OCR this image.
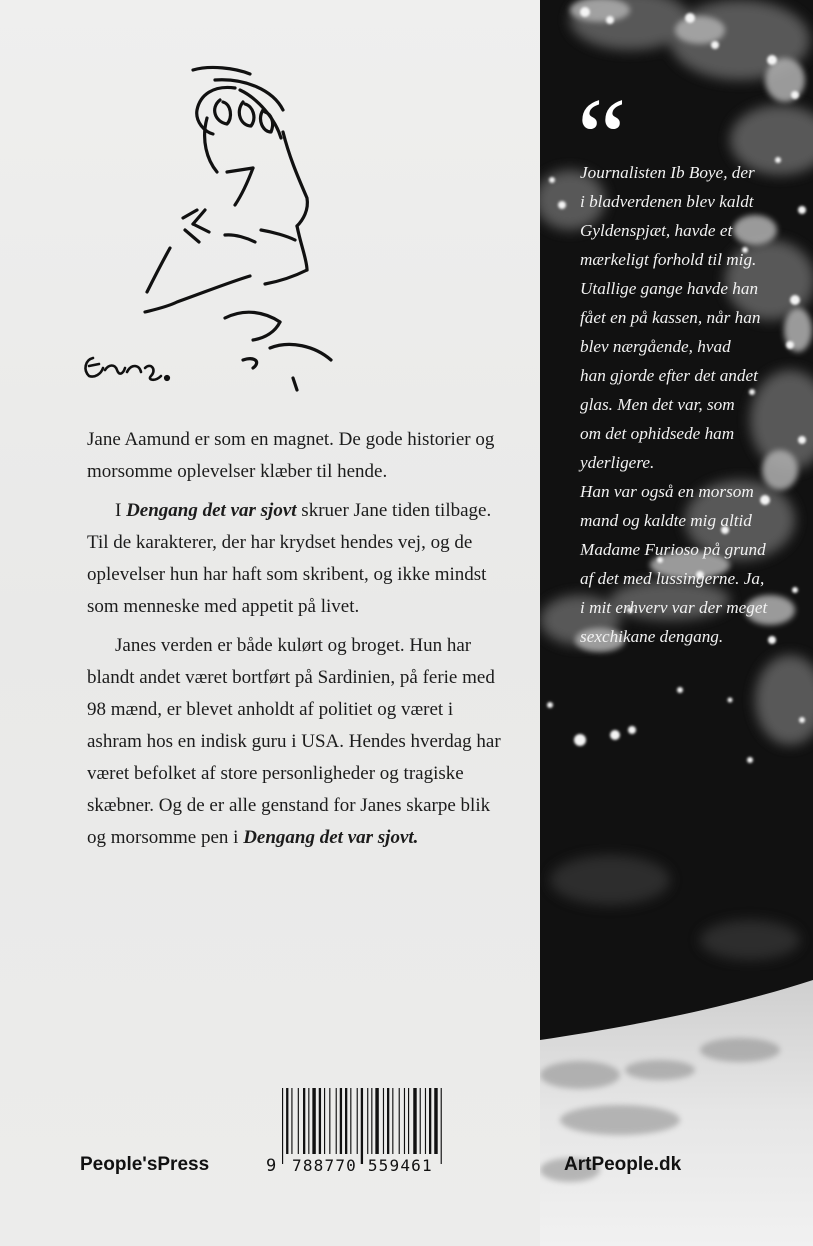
Jane Aamund er som en magnet. De gode historier og morsomme oplevelser klæber til hende.

I Dengang det var sjovt skruer Jane tiden tilbage. Til de karakterer, der har krydset hendes vej, og de oplevelser hun har haft som skribent, og ikke mindst som menneske med appetit på livet.

Janes verden er både kulørt og broget. Hun har blandt andet været bortført på Sardinien, på ferie med 98 mænd, er blevet anholdt af politiet og været i ashram hos en indisk guru i USA. Hendes hverdag har været befolket af store personligheder og tragiske skæbner. Og de er alle genstand for Janes skarpe blik og morsomme pen i Dengang det var sjovt.

“
Journalisten Ib Boye, der
i bladverdenen blev kaldt
Gyldenspjæt, havde et
mærkeligt forhold til mig.
Utallige gange havde han
fået en på kassen, når han
blev nærgående, hvad
han gjorde efter det andet
glas. Men det var, som
om det ophidsede ham
yderligere.
Han var også en morsom
mand og kaldte mig altid
Madame Furioso på grund
af det med lussingerne. Ja,
i mit erhverv var der meget
sexchikane dengang.
People'sPress	9 788770 559461	ArtPeople.dk
